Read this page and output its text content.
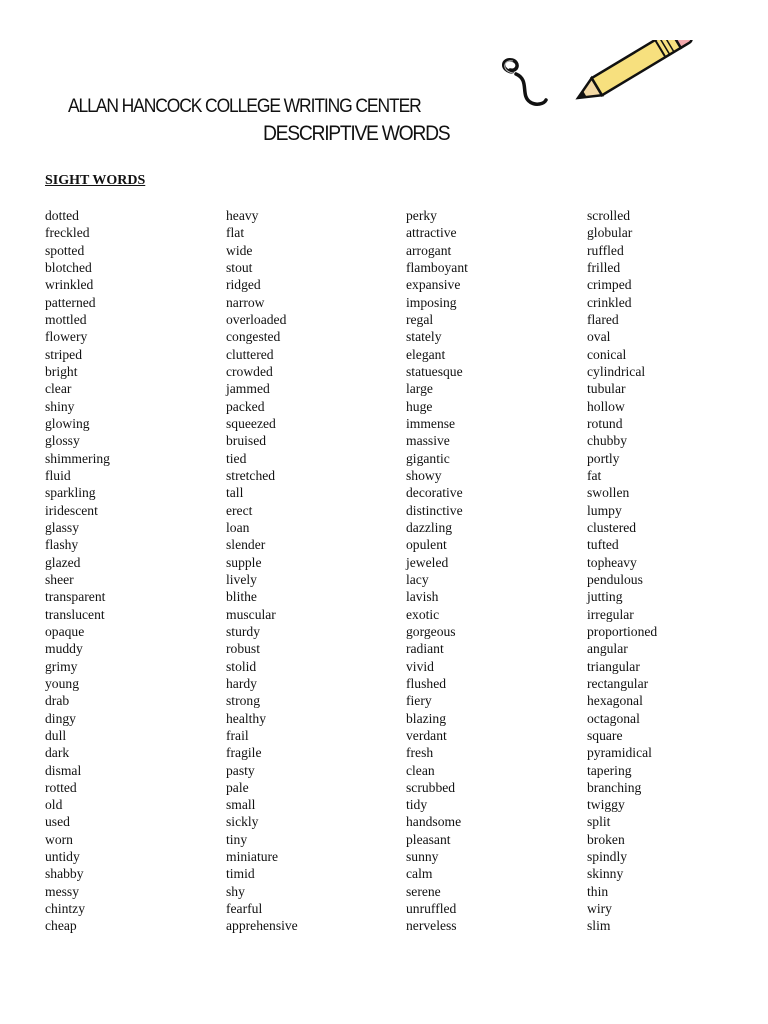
ALLAN HANCOCK COLLEGE WRITING CENTER
DESCRIPTIVE WORDS
SIGHT WORDS
dotted
freckled
spotted
blotched
wrinkled
patterned
mottled
flowery
striped
bright
clear
shiny
glowing
glossy
shimmering
fluid
sparkling
iridescent
glassy
flashy
glazed
sheer
transparent
translucent
opaque
muddy
grimy
young
drab
dingy
dull
dark
dismal
rotted
old
used
worn
untidy
shabby
messy
chintzy
cheap
heavy
flat
wide
stout
ridged
narrow
overloaded
congested
cluttered
crowded
jammed
packed
squeezed
bruised
tied
stretched
tall
erect
loan
slender
supple
lively
blithe
muscular
sturdy
robust
stolid
hardy
strong
healthy
frail
fragile
pasty
pale
small
sickly
tiny
miniature
timid
shy
fearful
apprehensive
perky
attractive
arrogant
flamboyant
expansive
imposing
regal
stately
elegant
statuesque
large
huge
immense
massive
gigantic
showy
decorative
distinctive
dazzling
opulent
jeweled
lacy
lavish
exotic
gorgeous
radiant
vivid
flushed
fiery
blazing
verdant
fresh
clean
scrubbed
tidy
handsome
pleasant
sunny
calm
serene
unruffled
nerveless
scrolled
globular
ruffled
frilled
crimped
crinkled
flared
oval
conical
cylindrical
tubular
hollow
rotund
chubby
portly
fat
swollen
lumpy
clustered
tufted
topheavy
pendulous
jutting
irregular
proportioned
angular
triangular
rectangular
hexagonal
octagonal
square
pyramidical
tapering
branching
twiggy
split
broken
spindly
skinny
thin
wiry
slim
